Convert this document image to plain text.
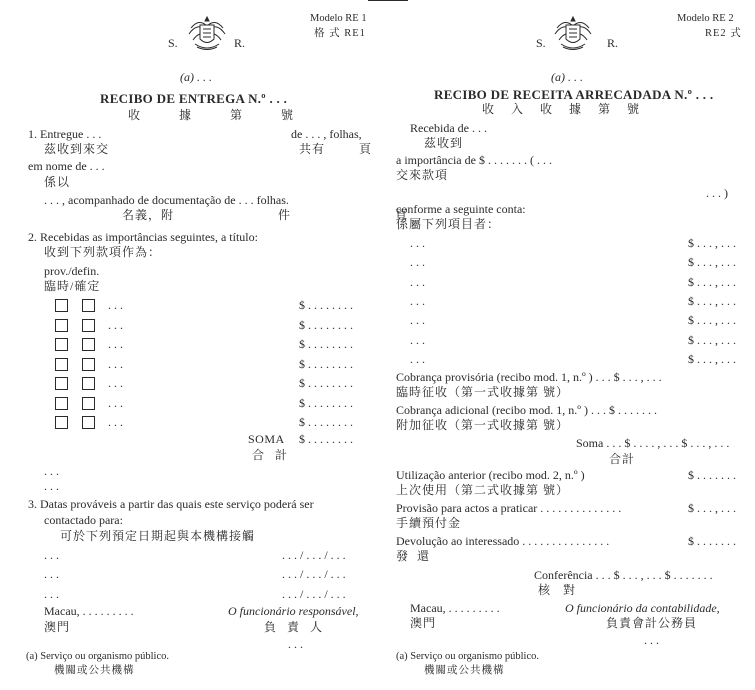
Modelo RE 1
格 式 RE1
S.	R.
(a) . . .
RECIBO DE ENTREGA N.º . . .
收 據 第 號
1. Entregue . . .	de . . . , folhas,
茲收到來交	共有 頁
em nome de . . .
係以
. . . , acompanhado de documentação de . . . folhas.
名義，附 件 頁
2. Recebidas as importâncias seguintes, a título:
收到下列款項作為：
prov./defin.
臨時/確定
. . .	$ . . . . . . . .
. . .	$ . . . . . . . .
. . .	$ . . . . . . . .
. . .	$ . . . . . . . .
. . .	$ . . . . . . . .
. . .	$ . . . . . . . .
. . .	$ . . . . . . . .
SOMA $ . . . . . . . .
合 計
. . .
. . .
3. Datas prováveis a partir das quais este serviço poderá ser
contactado para:
可於下列預定日期起與本機構接觸
. . .	. . . / . . . / . . .
. . .	. . . / . . . / . . .
. . .	. . . / . . . / . . .
Macau, . . . . . . . . .	O funcionário responsável,
澳門	負 責 人
. . .
(a) Serviço ou organismo público.
機關或公共機構
Modelo RE 2
RE2 式
S.	R.
(a) . . .
RECIBO DE RECEITA ARRECADADA N.º . . .
收 入 收 據 第 號
Recebida de . . .
茲收到
a importância de $ . . . . . . . ( . . .
交來款項
. . . )
conforme a seguinte conta:
係屬下列項目者：
. . .	$ . . . , . . .
. . .	$ . . . , . . .
. . .	$ . . . , . . .
. . .	$ . . . , . . .
. . .	$ . . . , . . .
. . .	$ . . . , . . .
. . .	$ . . . , . . .
Cobrança provisória (recibo mod. 1, n.º ) . . . $ . . . , . . .
臨時征收（第一式收據第 號）
Cobrança adicional (recibo mod. 1, n.º ) . . . $ . . . . . . .
附加征收（第一式收據第 號）
Soma . . . $ . . . . , . . . $ . . . , . . .
合計
Utilização anterior (recibo mod. 2, n.º )	$ . . . . . . .
上次使用（第二式收據第 號）
Provisão para actos a praticar . . . . . . . . . . . . . .	$ . . . , . . .
手續預付金
Devolução ao interessado . . . . . . . . . . . . . . .	$ . . . . . . .
發 還
Conferência . . . $ . . . , . . . $ . . . . . . .
核 對
Macau, . . . . . . . . .	O funcionário da contabilidade,
澳門	負責會計公務員
. . .
(a) Serviço ou organismo público.
機關或公共機構
